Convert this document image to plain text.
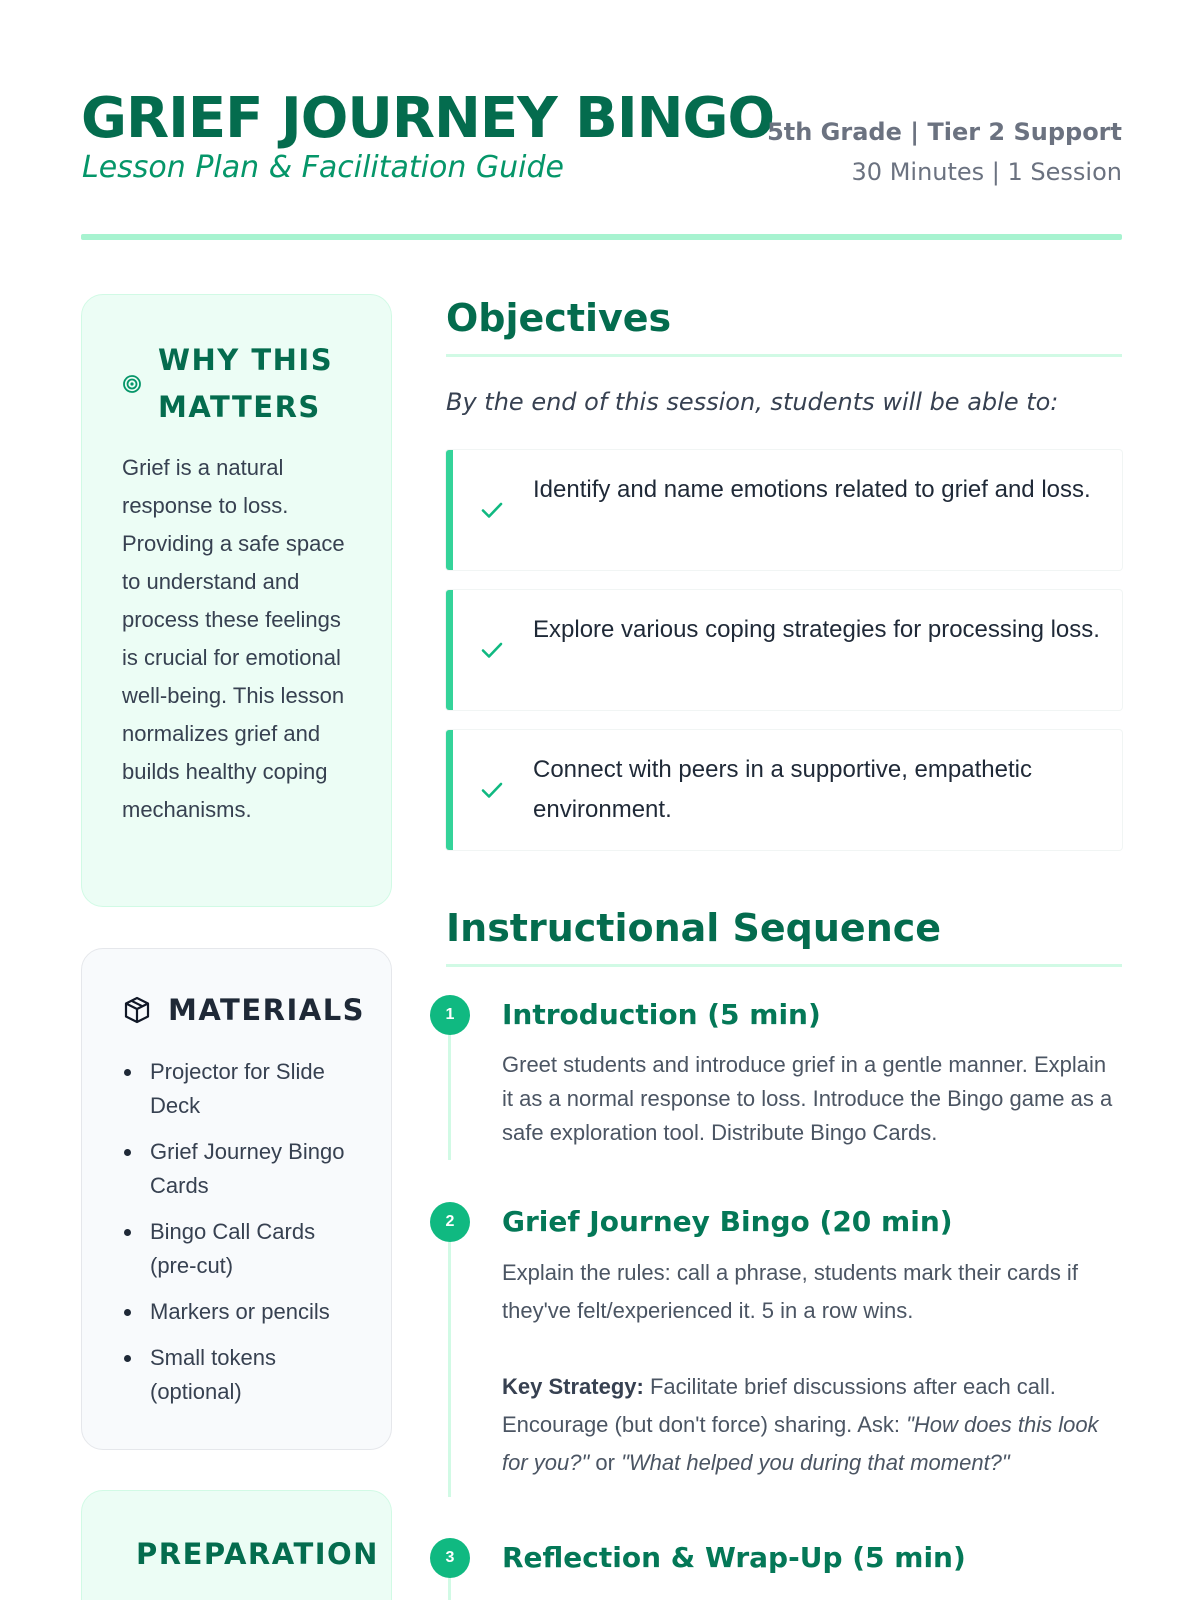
GRIEF JOURNEY BINGO
Lesson Plan & Facilitation Guide
5th Grade | Tier 2 Support
30 Minutes | 1 Session
WHY THIS MATTERS
Grief is a natural response to loss. Providing a safe space to understand and process these feelings is crucial for emotional well-being. This lesson normalizes grief and builds healthy coping mechanisms.
MATERIALS
Projector for Slide Deck
Grief Journey Bingo Cards
Bingo Call Cards (pre-cut)
Markers or pencils
Small tokens (optional)
PREPARATION
Objectives
By the end of this session, students will be able to:
Identify and name emotions related to grief and loss.
Explore various coping strategies for processing loss.
Connect with peers in a supportive, empathetic environment.
Instructional Sequence
1	Introduction (5 min)
Greet students and introduce grief in a gentle manner. Explain it as a normal response to loss. Introduce the Bingo game as a safe exploration tool. Distribute Bingo Cards.
2	Grief Journey Bingo (20 min)

Explain the rules: call a phrase, students mark their cards if they've felt/experienced it. 5 in a row wins.

Key Strategy: Facilitate brief discussions after each call. Encourage (but don't force) sharing. Ask: "How does this look for you?" or "What helped you during that moment?"

3	Reflection & Wrap-Up (5 min)
